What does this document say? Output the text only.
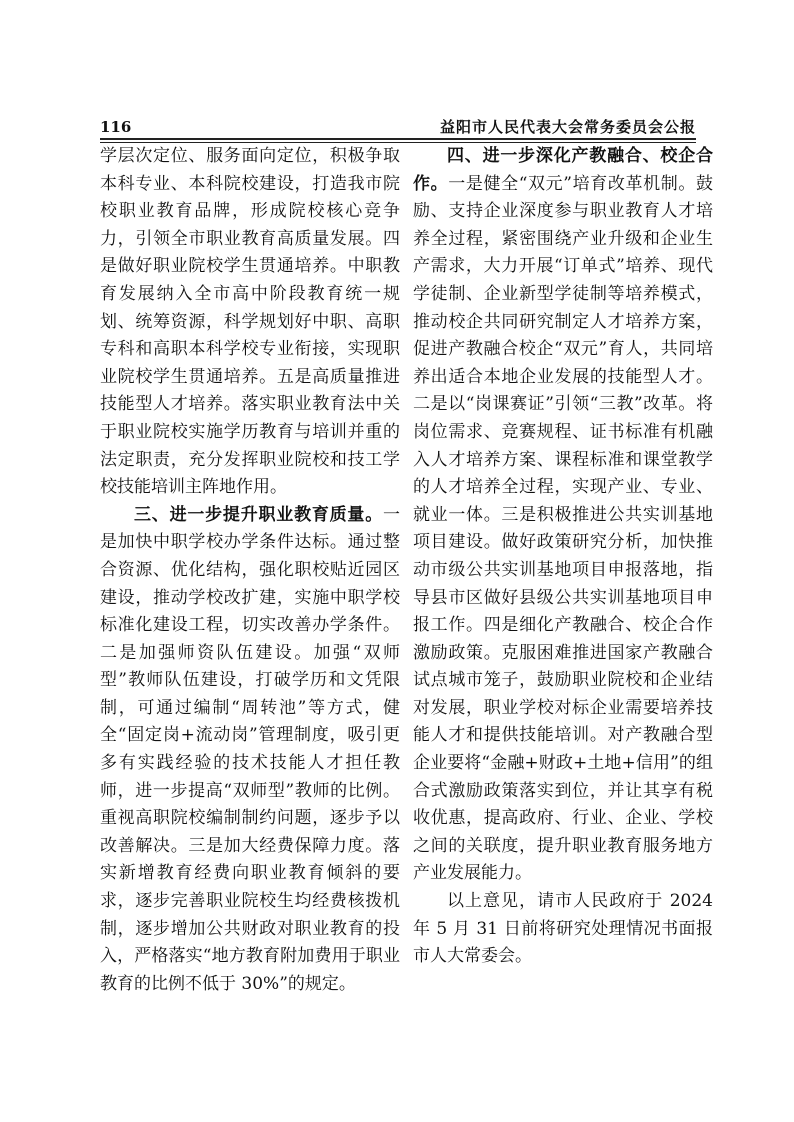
116	益阳市人民代表大会常务委员会公报

学层次定位、服务面向定位，积极争取本科专业、本科院校建设，打造我市院校职业教育品牌，形成院校核心竞争力，引领全市职业教育高质量发展。四是做好职业院校学生贯通培养。中职教育发展纳入全市高中阶段教育统一规划、统筹资源，科学规划好中职、高职专科和高职本科学校专业衔接，实现职业院校学生贯通培养。五是高质量推进技能型人才培养。落实职业教育法中关于职业院校实施学历教育与培训并重的法定职责，充分发挥职业院校和技工学校技能培训主阵地作用。

三、进一步提升职业教育质量。一是加快中职学校办学条件达标。通过整合资源、优化结构，强化职校贴近园区建设，推动学校改扩建，实施中职学校标准化建设工程，切实改善办学条件。二是加强师资队伍建设。加强“双师型”教师队伍建设，打破学历和文凭限制，可通过编制“周转池”等方式，健全“固定岗+流动岗”管理制度，吸引更多有实践经验的技术技能人才担任教师，进一步提高“双师型”教师的比例。重视高职院校编制制约问题，逐步予以改善解决。三是加大经费保障力度。落实新增教育经费向职业教育倾斜的要求，逐步完善职业院校生均经费核拨机制，逐步增加公共财政对职业教育的投入，严格落实“地方教育附加费用于职业教育的比例不低于 30%”的规定。

四、进一步深化产教融合、校企合作。一是健全“双元”培育改革机制。鼓励、支持企业深度参与职业教育人才培养全过程，紧密围绕产业升级和企业生产需求，大力开展“订单式”培养、现代学徒制、企业新型学徒制等培养模式，推动校企共同研究制定人才培养方案，促进产教融合校企“双元”育人，共同培养出适合本地企业发展的技能型人才。二是以“岗课赛证”引领“三教”改革。将岗位需求、竞赛规程、证书标准有机融入人才培养方案、课程标准和课堂教学的人才培养全过程，实现产业、专业、就业一体。三是积极推进公共实训基地项目建设。做好政策研究分析，加快推动市级公共实训基地项目申报落地，指导县市区做好县级公共实训基地项目申报工作。四是细化产教融合、校企合作激励政策。克服困难推进国家产教融合试点城市笼子，鼓励职业院校和企业结对发展，职业学校对标企业需要培养技能人才和提供技能培训。对产教融合型企业要将“金融+财政+土地+信用”的组合式激励政策落实到位，并让其享有税收优惠，提高政府、行业、企业、学校之间的关联度，提升职业教育服务地方产业发展能力。

以上意见，请市人民政府于 2024 年 5 月 31 日前将研究处理情况书面报市人大常委会。
